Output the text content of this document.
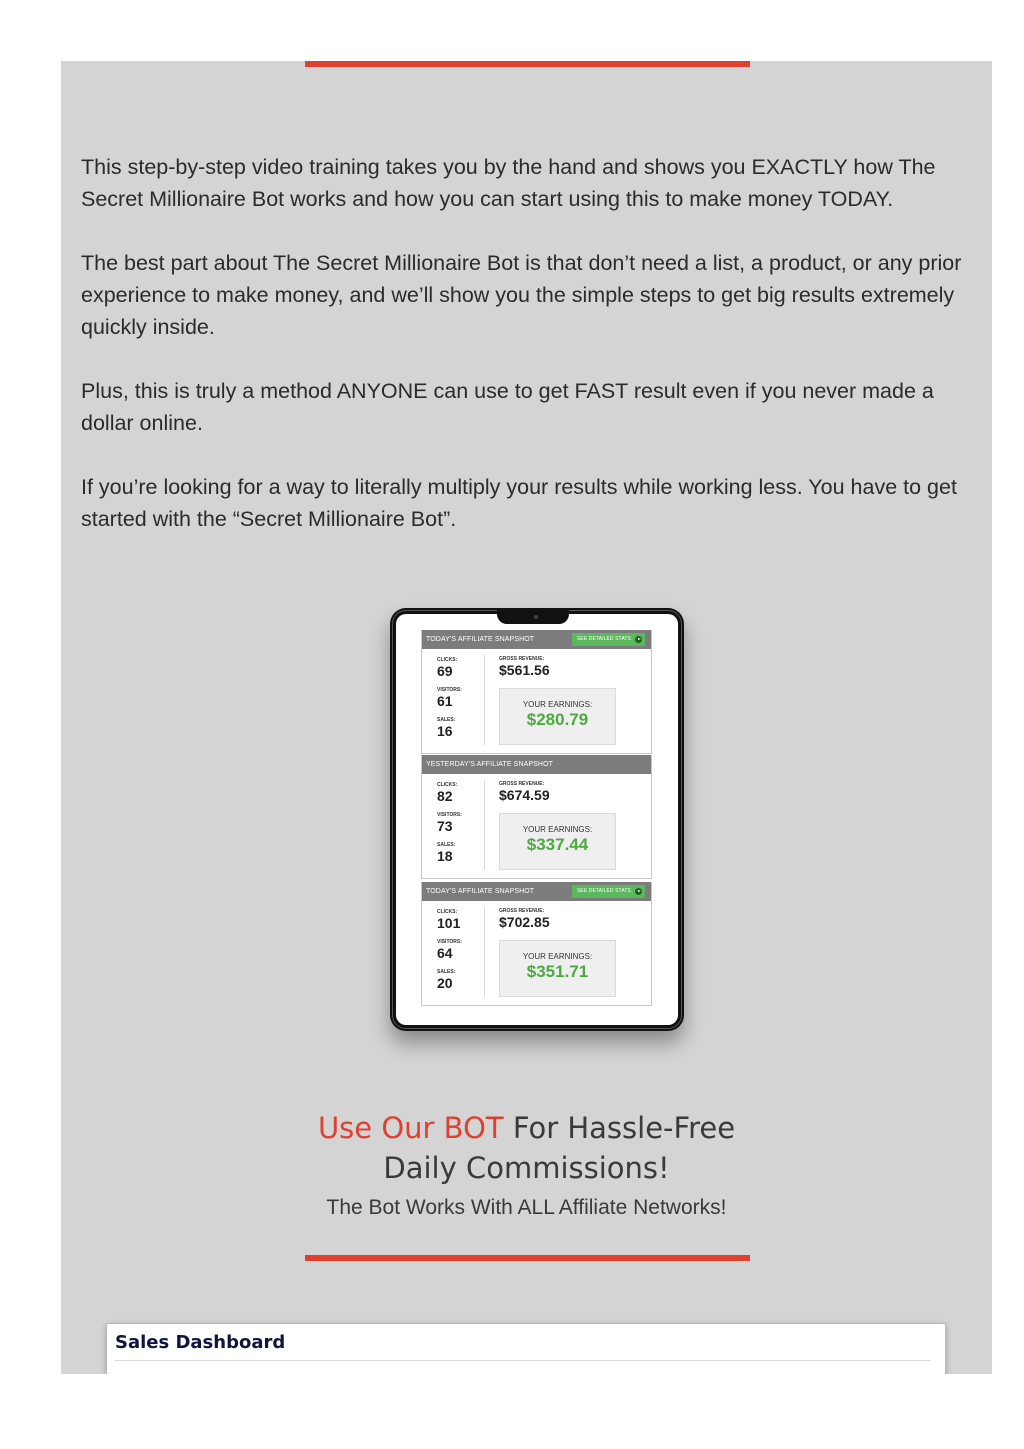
This step-by-step video training takes you by the hand and shows you EXACTLY how The Secret Millionaire Bot works and how you can start using this to make money TODAY.

The best part about The Secret Millionaire Bot is that don’t need a list, a product, or any prior experience to make money, and we’ll show you the simple steps to get big results extremely quickly inside.

Plus, this is truly a method ANYONE can use to get FAST result even if you never made a dollar online.

If you’re looking for a way to literally multiply your results while working less. You have to get started with the “Secret Millionaire Bot”.

TODAY'S AFFILIATE SNAPSHOT	SEE DETAILED STATS
CLICKS:
69
VISITORS:
61
SALES:
16
GROSS REVENUE:
$561.56
YOUR EARNINGS:
$280.79
YESTERDAY'S AFFILIATE SNAPSHOT
CLICKS:
82
VISITORS:
73
SALES:
18
GROSS REVENUE:
$674.59
YOUR EARNINGS:
$337.44
TODAY'S AFFILIATE SNAPSHOT	SEE DETAILED STATS
CLICKS:
101
VISITORS:
64
SALES:
20
GROSS REVENUE:
$702.85
YOUR EARNINGS:
$351.71
Use Our BOT For Hassle-Free
Daily Commissions!
The Bot Works With ALL Affiliate Networks!
Sales Dashboard
